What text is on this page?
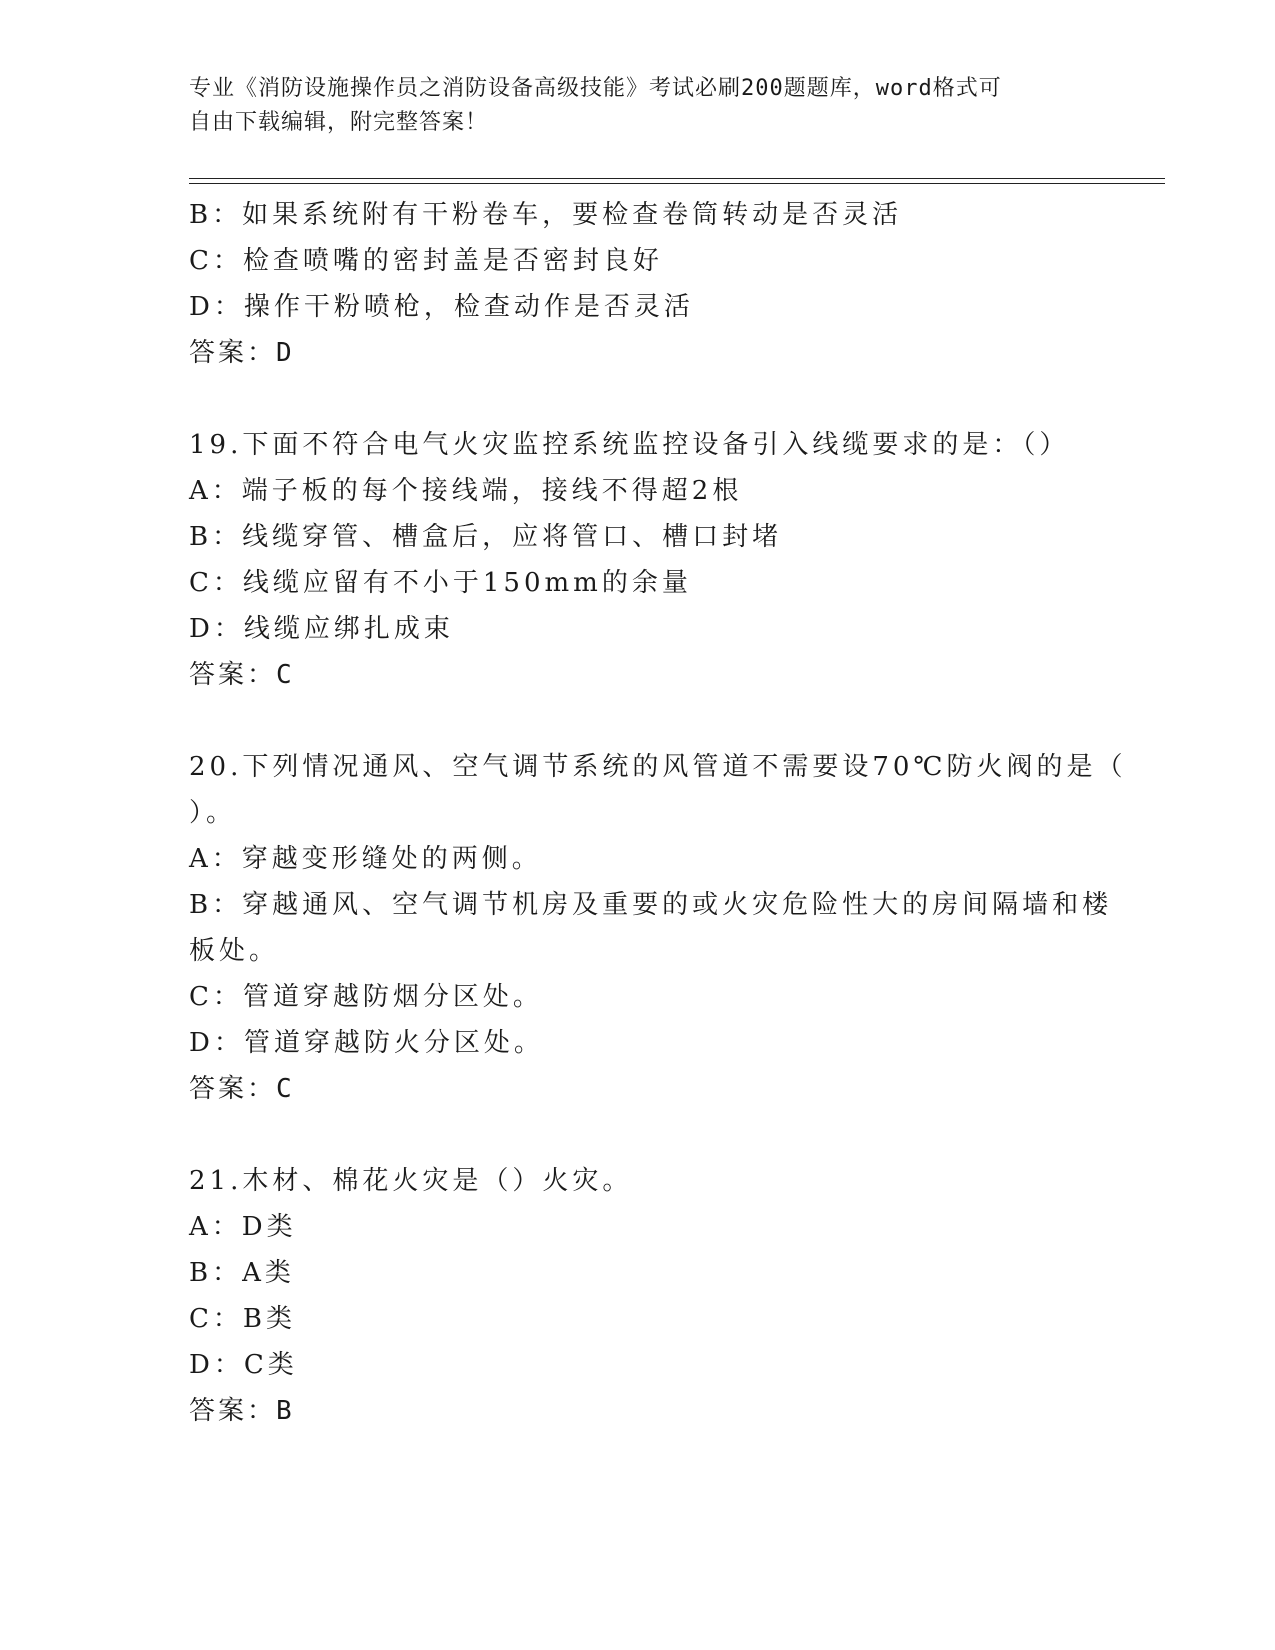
专业《消防设施操作员之消防设备高级技能》考试必刷200题题库，word格式可
自由下载编辑，附完整答案！
B：如果系统附有干粉卷车，要检查卷筒转动是否灵活
C：检查喷嘴的密封盖是否密封良好
D：操作干粉喷枪，检查动作是否灵活
答案：D
19.下面不符合电气火灾监控系统监控设备引入线缆要求的是：（）
A：端子板的每个接线端，接线不得超2根
B：线缆穿管、槽盒后，应将管口、槽口封堵
C：线缆应留有不小于150mm的余量
D：线缆应绑扎成束
答案：C
20.下列情况通风、空气调节系统的风管道不需要设70℃防火阀的是（
）。
A：穿越变形缝处的两侧。
B：穿越通风、空气调节机房及重要的或火灾危险性大的房间隔墙和楼
板处。
C：管道穿越防烟分区处。
D：管道穿越防火分区处。
答案：C
21.木材、棉花火灾是（）火灾。
A：D类
B：A类
C：B类
D：C类
答案：B
